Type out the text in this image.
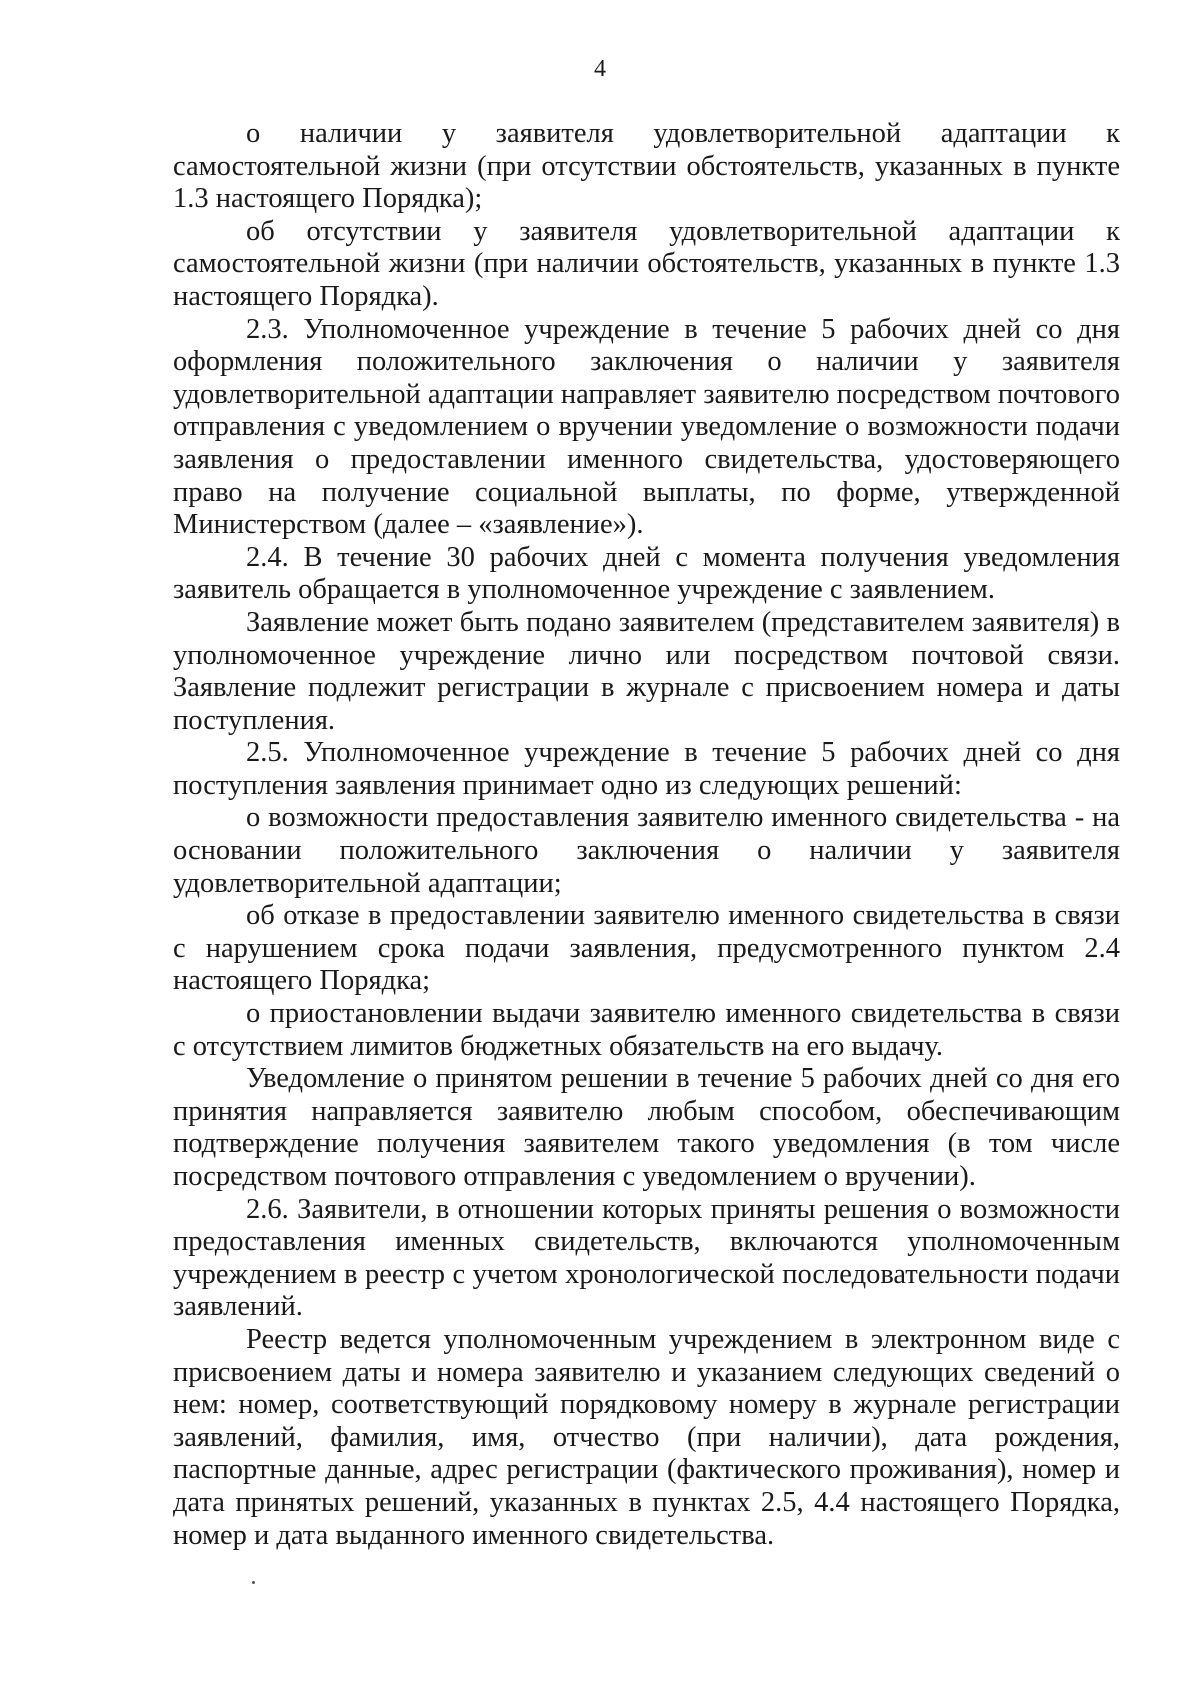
4

о наличии у заявителя удовлетворительной адаптации к самостоятельной жизни (при отсутствии обстоятельств, указанных в пункте 1.3 настоящего Порядка);

об отсутствии у заявителя удовлетворительной адаптации к самостоятельной жизни (при наличии обстоятельств, указанных в пункте 1.3 настоящего Порядка).

2.3. Уполномоченное учреждение в течение 5 рабочих дней со дня оформления положительного заключения о наличии у заявителя удовлетворительной адаптации направляет заявителю посредством почтового отправления с уведомлением о вручении уведомление о возможности подачи заявления о предоставлении именного свидетельства, удостоверяющего право на получение социальной выплаты, по форме, утвержденной Министерством (далее – «заявление»).

2.4. В течение 30 рабочих дней с момента получения уведомления заявитель обращается в уполномоченное учреждение с заявлением.

Заявление может быть подано заявителем (представителем заявителя) в уполномоченное учреждение лично или посредством почтовой связи. Заявление подлежит регистрации в журнале с присвоением номера и даты поступления.

2.5. Уполномоченное учреждение в течение 5 рабочих дней со дня поступления заявления принимает одно из следующих решений:

о возможности предоставления заявителю именного свидетельства - на основании положительного заключения о наличии у заявителя удовлетворительной адаптации;

об отказе в предоставлении заявителю именного свидетельства в связи с нарушением срока подачи заявления, предусмотренного пунктом 2.4 настоящего Порядка;

о приостановлении выдачи заявителю именного свидетельства в связи с отсутствием лимитов бюджетных обязательств на его выдачу.

Уведомление о принятом решении в течение 5 рабочих дней со дня его принятия направляется заявителю любым способом, обеспечивающим подтверждение получения заявителем такого уведомления (в том числе посредством почтового отправления с уведомлением о вручении).

2.6. Заявители, в отношении которых приняты решения о возможности предоставления именных свидетельств, включаются уполномоченным учреждением в реестр с учетом хронологической последовательности подачи заявлений.

Реестр ведется уполномоченным учреждением в электронном виде с присвоением даты и номера заявителю и указанием следующих сведений о нем: номер, соответствующий порядковому номеру в журнале регистрации заявлений, фамилия, имя, отчество (при наличии), дата рождения, паспортные данные, адрес регистрации (фактического проживания), номер и дата принятых решений, указанных в пунктах 2.5, 4.4 настоящего Порядка, номер и дата выданного именного свидетельства.
